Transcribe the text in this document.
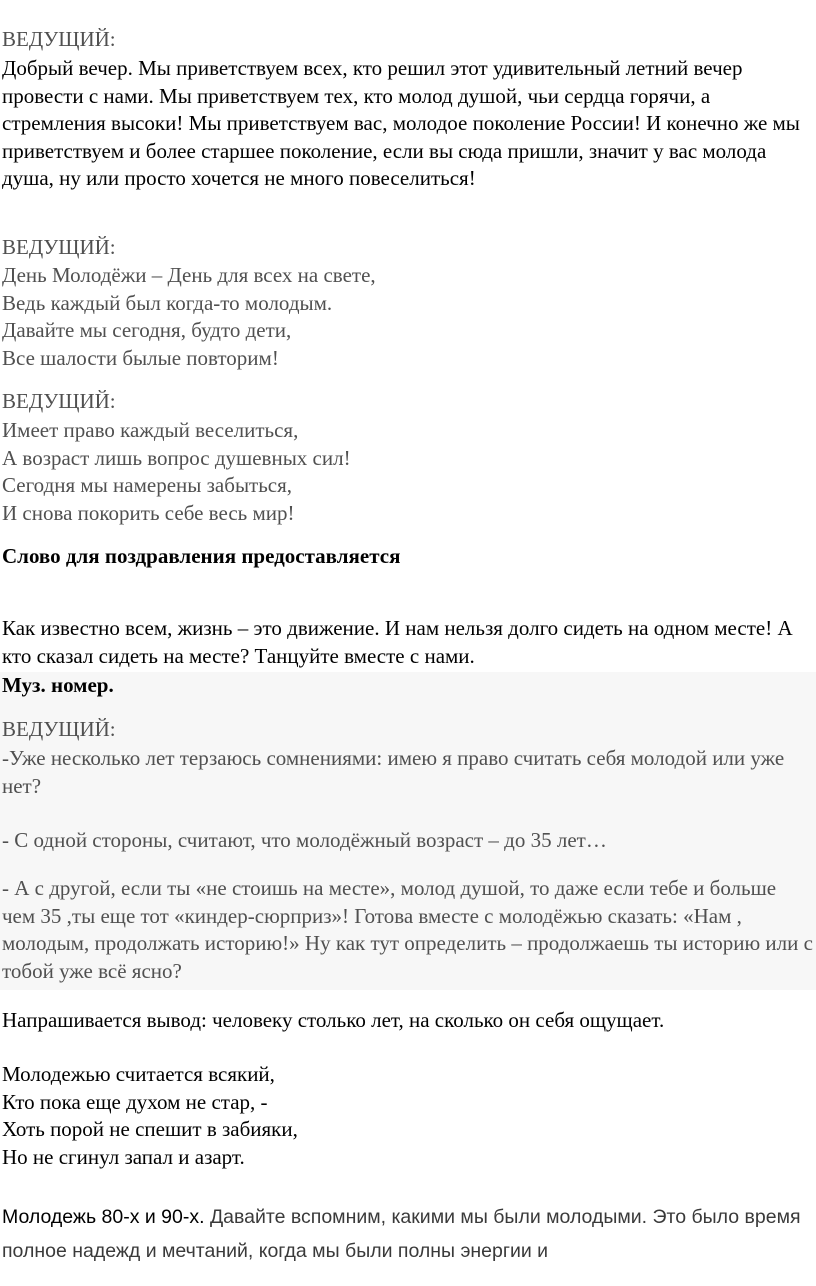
ВЕДУЩИЙ:

Добрый вечер. Мы приветствуем всех, кто решил этот удивительный летний вечер провести с нами. Мы приветствуем тех, кто молод душой, чьи сердца горячи, а стремления высоки! Мы приветствуем вас, молодое поколение России! И конечно же мы приветствуем и более старшее поколение, если вы сюда пришли, значит у вас молода душа, ну или просто хочется не много повеселиться!

ВЕДУЩИЙ:
День Молодёжи – День для всех на свете,
Ведь каждый был когда-то молодым.
Давайте мы сегодня, будто дети,
Все шалости былые повторим!
ВЕДУЩИЙ:
Имеет право каждый веселиться,
А возраст лишь вопрос душевных сил!
Сегодня мы намерены забыться,
И снова покорить себе весь мир!

Слово для поздравления предоставляется

Как известно всем, жизнь – это движение. И нам нельзя долго сидеть на одном месте! А кто сказал сидеть на месте? Танцуйте вместе с нами.

Муз. номер.

ВЕДУЩИЙ:

-Уже несколько лет терзаюсь сомнениями: имею я право считать себя молодой или уже нет?

- С одной стороны, считают, что молодёжный возраст – до 35 лет…

- А с другой, если ты «не стоишь на месте», молод душой, то даже если тебе и больше чем 35 ,ты еще тот «киндер-сюрприз»! Готова вместе с молодёжью сказать: «Нам , молодым, продолжать историю!» Ну как тут определить – продолжаешь ты историю или с тобой уже всё ясно?

Напрашивается вывод: человеку столько лет, на сколько он себя ощущает.

Молодежью считается всякий,
Кто пока еще духом не стар, -
Хоть порой не спешит в забияки,
Но не сгинул запал и азарт.

Молодежь 80-х и 90-х. Давайте вспомним, какими мы были молодыми. Это было время полное надежд и мечтаний, когда мы были полны энергии и
